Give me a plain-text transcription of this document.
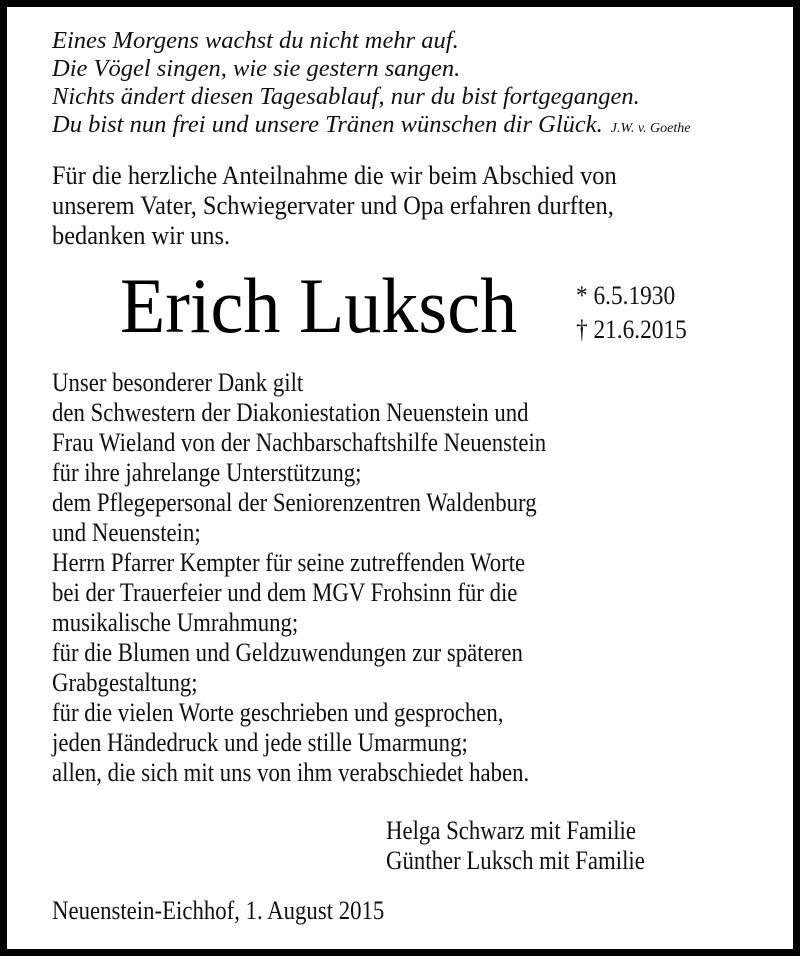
Eines Morgens wachst du nicht mehr auf.
Die Vögel singen, wie sie gestern sangen.
Nichts ändert diesen Tagesablauf, nur du bist fortgegangen.
Du bist nun frei und unsere Tränen wünschen dir Glück. J.W. v. Goethe
Für die herzliche Anteilnahme die wir beim Abschied von
unserem Vater, Schwiegervater und Opa erfahren durften,
bedanken wir uns.
Erich Luksch * 6.5.1930
† 21.6.2015
Unser besonderer Dank gilt
den Schwestern der Diakoniestation Neuenstein und
Frau Wieland von der Nachbarschaftshilfe Neuenstein
für ihre jahrelange Unterstützung;
dem Pflegepersonal der Seniorenzentren Waldenburg
und Neuenstein;
Herrn Pfarrer Kempter für seine zutreffenden Worte
bei der Trauerfeier und dem MGV Frohsinn für die
musikalische Umrahmung;
für die Blumen und Geldzuwendungen zur späteren
Grabgestaltung;
für die vielen Worte geschrieben und gesprochen,
jeden Händedruck und jede stille Umarmung;
allen, die sich mit uns von ihm verabschiedet haben.
Helga Schwarz mit Familie
Günther Luksch mit Familie
Neuenstein-Eichhof, 1. August 2015
